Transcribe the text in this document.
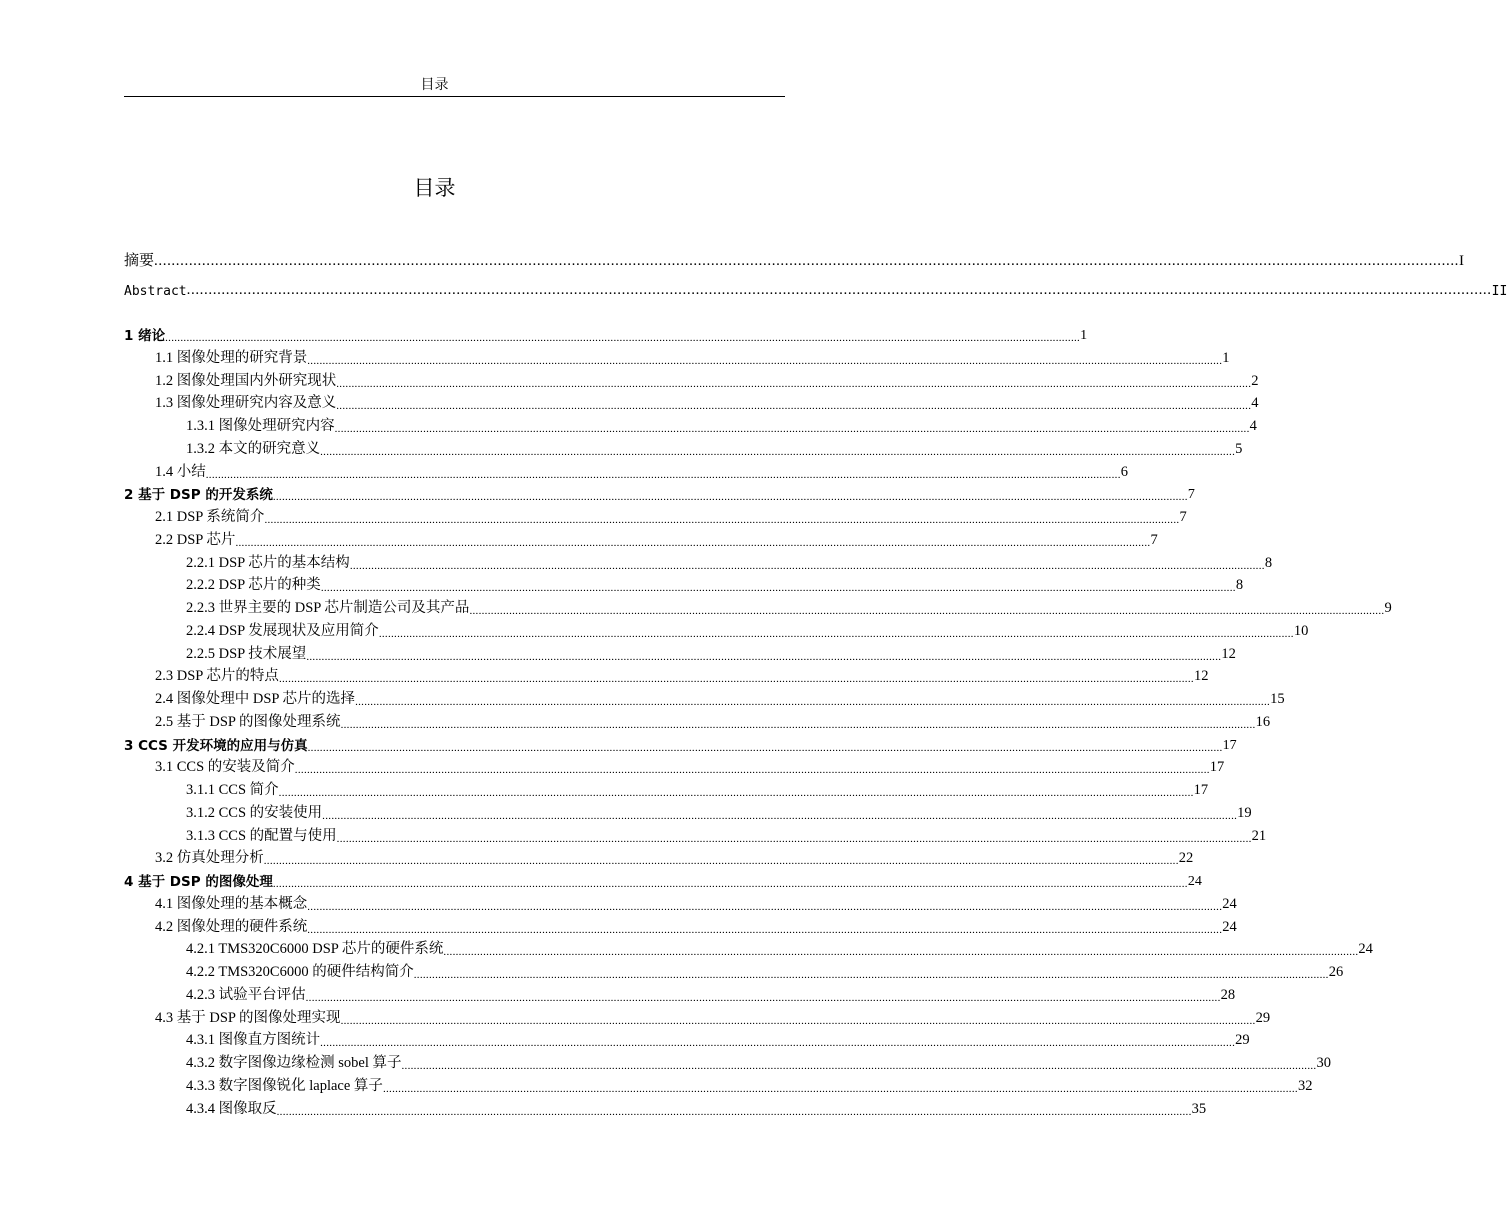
目录
目录
摘要 ............................................................................................................................................................................................................................................................................................................ I
Abstract ............................................................................................................................................................................................................................................................................................................ II
1 绪论 ............................................................................................................................................................................................................................................................................................................ 1
1.1 图像处理的研究背景 ............................................................................................................................................................................................................................................................................................................ 1
1.2 图像处理国内外研究现状 ............................................................................................................................................................................................................................................................................................................ 2
1.3 图像处理研究内容及意义 ............................................................................................................................................................................................................................................................................................................ 4
1.3.1 图像处理研究内容 ............................................................................................................................................................................................................................................................................................................ 4
1.3.2 本文的研究意义 ............................................................................................................................................................................................................................................................................................................ 5
1.4 小结 ............................................................................................................................................................................................................................................................................................................ 6
2 基于 DSP 的开发系统 ............................................................................................................................................................................................................................................................................................................ 7
2.1 DSP 系统简介 ............................................................................................................................................................................................................................................................................................................ 7
2.2 DSP 芯片 ............................................................................................................................................................................................................................................................................................................ 7
2.2.1 DSP 芯片的基本结构 ............................................................................................................................................................................................................................................................................................................ 8
2.2.2 DSP 芯片的种类 ............................................................................................................................................................................................................................................................................................................ 8
2.2.3 世界主要的 DSP 芯片制造公司及其产品 ............................................................................................................................................................................................................................................................................................................ 9
2.2.4 DSP 发展现状及应用简介 ............................................................................................................................................................................................................................................................................................................ 10
2.2.5 DSP 技术展望 ............................................................................................................................................................................................................................................................................................................ 12
2.3 DSP 芯片的特点 ............................................................................................................................................................................................................................................................................................................ 12
2.4 图像处理中 DSP 芯片的选择 ............................................................................................................................................................................................................................................................................................................ 15
2.5 基于 DSP 的图像处理系统 ............................................................................................................................................................................................................................................................................................................ 16
3 CCS 开发环境的应用与仿真 ............................................................................................................................................................................................................................................................................................................ 17
3.1 CCS 的安装及简介 ............................................................................................................................................................................................................................................................................................................ 17
3.1.1 CCS 简介 ............................................................................................................................................................................................................................................................................................................ 17
3.1.2 CCS 的安装使用 ............................................................................................................................................................................................................................................................................................................ 19
3.1.3 CCS 的配置与使用 ............................................................................................................................................................................................................................................................................................................ 21
3.2 仿真处理分析 ............................................................................................................................................................................................................................................................................................................ 22
4 基于 DSP 的图像处理 ............................................................................................................................................................................................................................................................................................................ 24
4.1 图像处理的基本概念 ............................................................................................................................................................................................................................................................................................................ 24
4.2 图像处理的硬件系统 ............................................................................................................................................................................................................................................................................................................ 24
4.2.1 TMS320C6000 DSP 芯片的硬件系统 ............................................................................................................................................................................................................................................................................................................ 24
4.2.2 TMS320C6000 的硬件结构简介 ............................................................................................................................................................................................................................................................................................................ 26
4.2.3 试验平台评估 ............................................................................................................................................................................................................................................................................................................ 28
4.3 基于 DSP 的图像处理实现 ............................................................................................................................................................................................................................................................................................................ 29
4.3.1 图像直方图统计 ............................................................................................................................................................................................................................................................................................................ 29
4.3.2 数字图像边缘检测 sobel 算子 ............................................................................................................................................................................................................................................................................................................ 30
4.3.3 数字图像锐化 laplace 算子 ............................................................................................................................................................................................................................................................................................................ 32
4.3.4 图像取反 ............................................................................................................................................................................................................................................................................................................ 35
